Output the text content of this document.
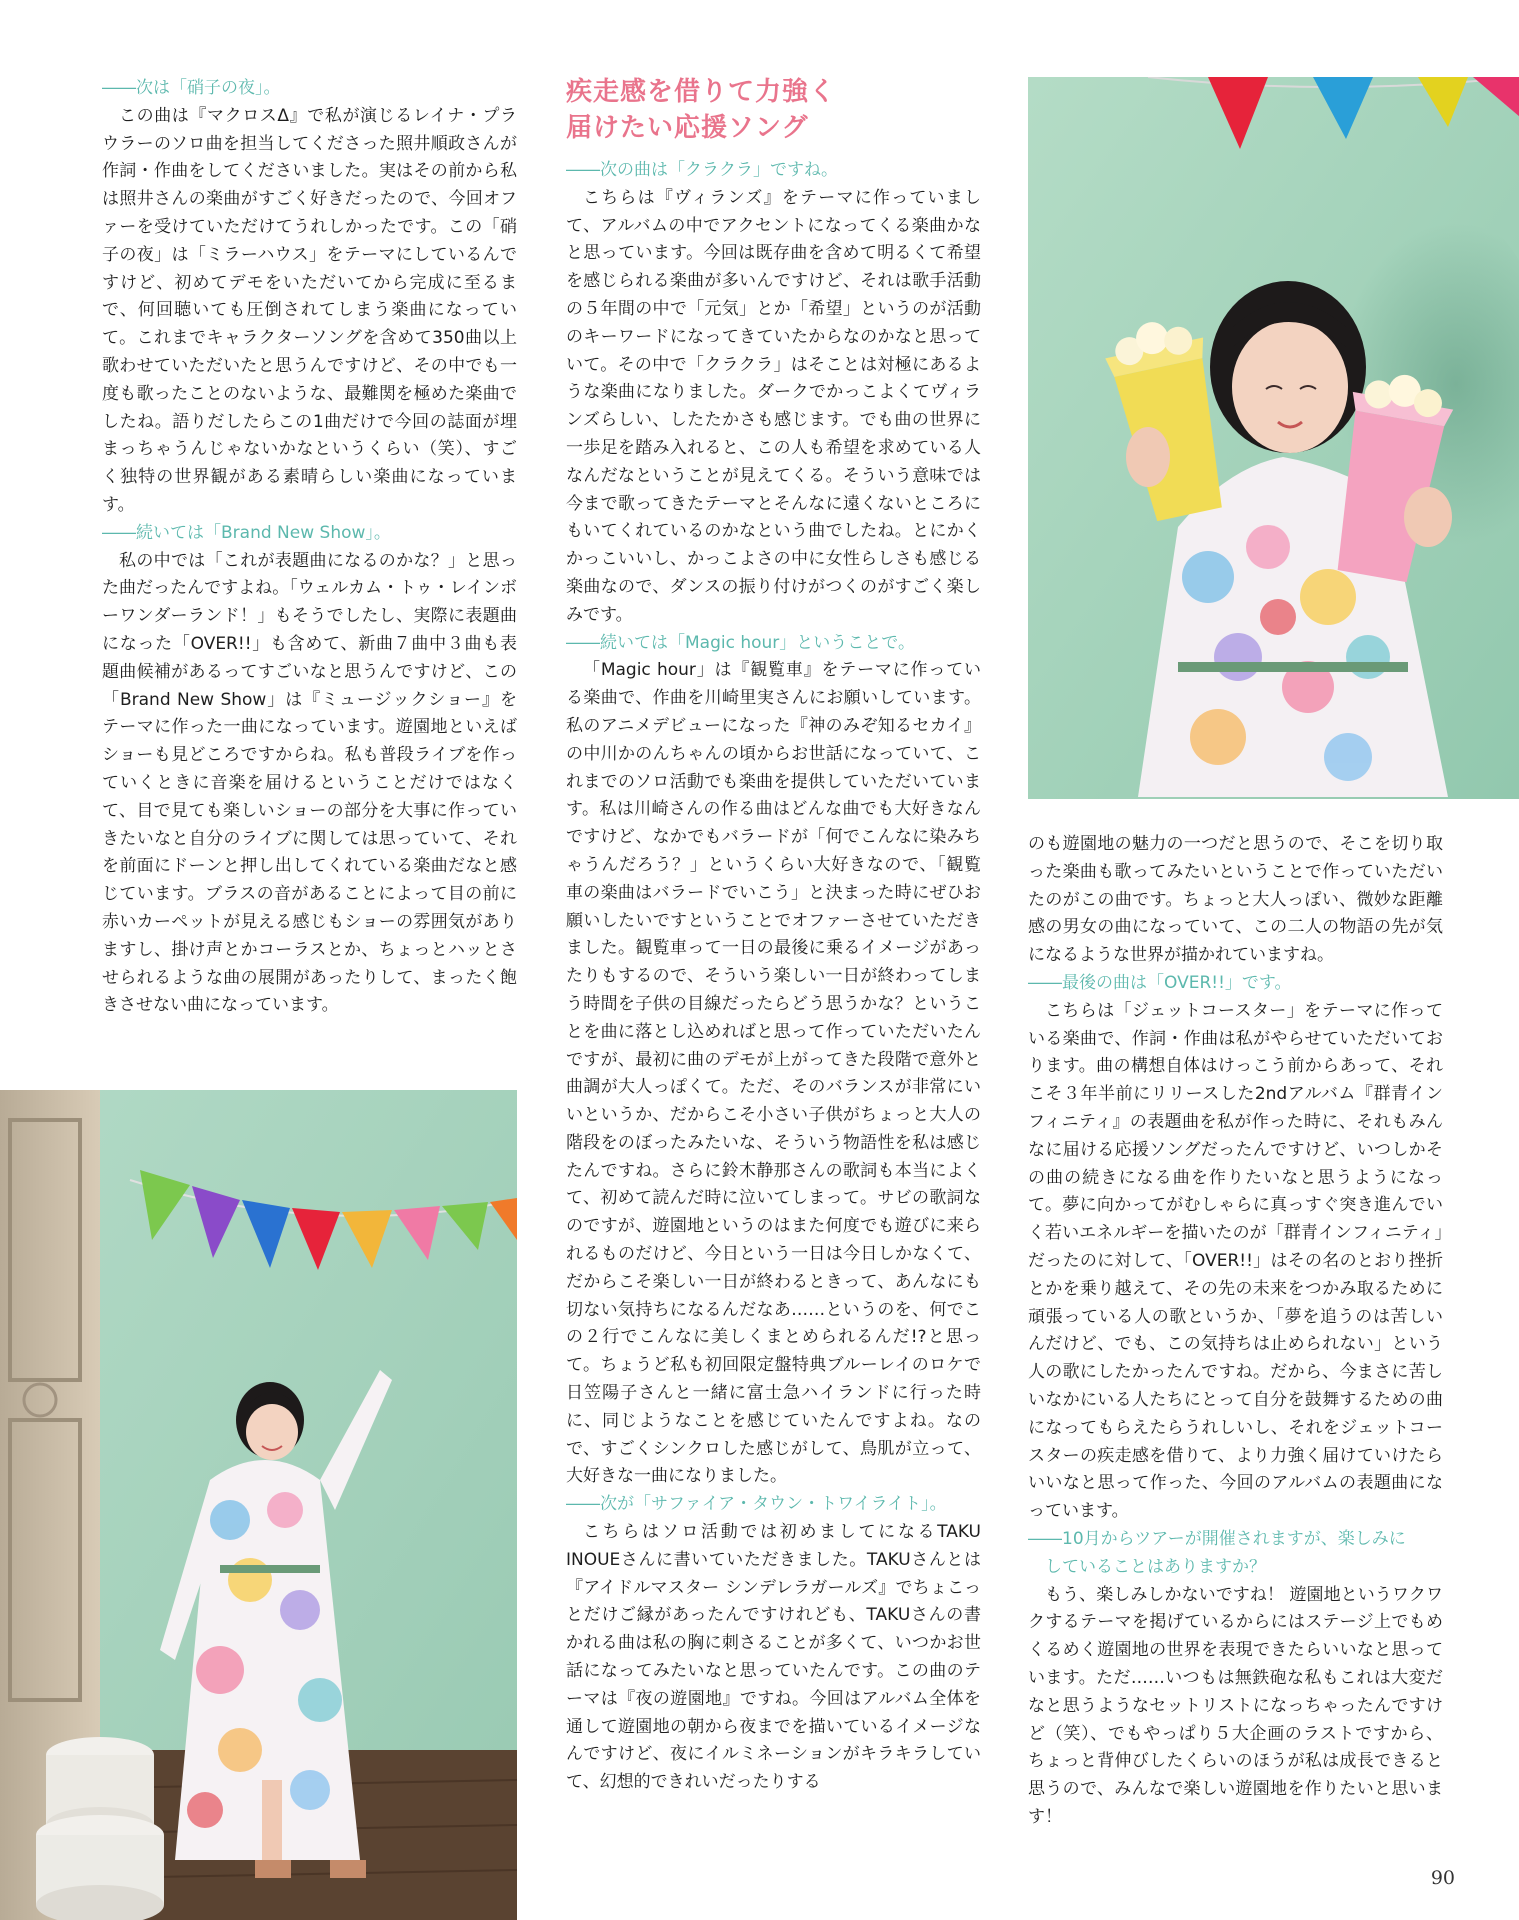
疾走感を借りて力強く
届けたい応援ソング

――次は「硝子の夜」。

この曲は『マクロスΔ』で私が演じるレイナ・プラウラーのソロ曲を担当してくださった照井順政さんが作詞・作曲をしてくださいました。実はその前から私は照井さんの楽曲がすごく好きだったので、今回オファーを受けていただけてうれしかったです。この「硝子の夜」は「ミラーハウス」をテーマにしているんですけど、初めてデモをいただいてから完成に至るまで、何回聴いても圧倒されてしまう楽曲になっていて。これまでキャラクターソングを含めて350曲以上歌わせていただいたと思うんですけど、その中でも一度も歌ったことのないような、最難関を極めた楽曲でしたね。語りだしたらこの1曲だけで今回の誌面が埋まっちゃうんじゃないかなというくらい（笑）、すごく独特の世界観がある素晴らしい楽曲になっています。

――続いては「Brand New Show」。

私の中では「これが表題曲になるのかな？」と思った曲だったんですよね。「ウェルカム・トゥ・レインボーワンダーランド！」もそうでしたし、実際に表題曲になった「OVER!!」も含めて、新曲７曲中３曲も表題曲候補があるってすごいなと思うんですけど、この「Brand New Show」は『ミュージックショー』をテーマに作った一曲になっています。遊園地といえばショーも見どころですからね。私も普段ライブを作っていくときに音楽を届けるということだけではなくて、目で見ても楽しいショーの部分を大事に作っていきたいなと自分のライブに関しては思っていて、それを前面にドーンと押し出してくれている楽曲だなと感じています。ブラスの音があることによって目の前に赤いカーペットが見える感じもショーの雰囲気がありますし、掛け声とかコーラスとか、ちょっとハッとさせられるような曲の展開があったりして、まったく飽きさせない曲になっています。

――次の曲は「クラクラ」ですね。

こちらは『ヴィランズ』をテーマに作っていまして、アルバムの中でアクセントになってくる楽曲かなと思っています。今回は既存曲を含めて明るくて希望を感じられる楽曲が多いんですけど、それは歌手活動の５年間の中で「元気」とか「希望」というのが活動のキーワードになってきていたからなのかなと思っていて。その中で「クラクラ」はそことは対極にあるような楽曲になりました。ダークでかっこよくてヴィランズらしい、したたかさも感じます。でも曲の世界に一歩足を踏み入れると、この人も希望を求めている人なんだなということが見えてくる。そういう意味では今まで歌ってきたテーマとそんなに遠くないところにもいてくれているのかなという曲でしたね。とにかくかっこいいし、かっこよさの中に女性らしさも感じる楽曲なので、ダンスの振り付けがつくのがすごく楽しみです。

――続いては「Magic hour」ということで。

「Magic hour」は『観覧車』をテーマに作っている楽曲で、作曲を川崎里実さんにお願いしています。私のアニメデビューになった『神のみぞ知るセカイ』の中川かのんちゃんの頃からお世話になっていて、これまでのソロ活動でも楽曲を提供していただいています。私は川崎さんの作る曲はどんな曲でも大好きなんですけど、なかでもバラードが「何でこんなに染みちゃうんだろう？」というくらい大好きなので、「観覧車の楽曲はバラードでいこう」と決まった時にぜひお願いしたいですということでオファーさせていただきました。観覧車って一日の最後に乗るイメージがあったりもするので、そういう楽しい一日が終わってしまう時間を子供の目線だったらどう思うかな？ということを曲に落とし込めればと思って作っていただいたんですが、最初に曲のデモが上がってきた段階で意外と曲調が大人っぽくて。ただ、そのバランスが非常にいいというか、だからこそ小さい子供がちょっと大人の階段をのぼったみたいな、そういう物語性を私は感じたんですね。さらに鈴木静那さんの歌詞も本当によくて、初めて読んだ時に泣いてしまって。サビの歌詞なのですが、遊園地というのはまた何度でも遊びに来られるものだけど、今日という一日は今日しかなくて、だからこそ楽しい一日が終わるときって、あんなにも切ない気持ちになるんだなあ……というのを、何でこの２行でこんなに美しくまとめられるんだ!?と思って。ちょうど私も初回限定盤特典ブルーレイのロケで日笠陽子さんと一緒に富士急ハイランドに行った時に、同じようなことを感じていたんですよね。なので、すごくシンクロした感じがして、鳥肌が立って、大好きな一曲になりました。

――次が「サファイア・タウン・トワイライト」。

こちらはソロ活動では初めましてになるTAKU INOUEさんに書いていただきました。TAKUさんとは『アイドルマスター シンデレラガールズ』でちょこっとだけご縁があったんですけれども、TAKUさんの書かれる曲は私の胸に刺さることが多くて、いつかお世話になってみたいなと思っていたんです。この曲のテーマは『夜の遊園地』ですね。今回はアルバム全体を通して遊園地の朝から夜までを描いているイメージなんですけど、夜にイルミネーションがキラキラしていて、幻想的できれいだったりする

のも遊園地の魅力の一つだと思うので、そこを切り取った楽曲も歌ってみたいということで作っていただいたのがこの曲です。ちょっと大人っぽい、微妙な距離感の男女の曲になっていて、この二人の物語の先が気になるような世界が描かれていますね。

――最後の曲は「OVER!!」です。

こちらは「ジェットコースター」をテーマに作っている楽曲で、作詞・作曲は私がやらせていただいております。曲の構想自体はけっこう前からあって、それこそ３年半前にリリースした2ndアルバム『群青インフィニティ』の表題曲を私が作った時に、それもみんなに届ける応援ソングだったんですけど、いつしかその曲の続きになる曲を作りたいなと思うようになって。夢に向かってがむしゃらに真っすぐ突き進んでいく若いエネルギーを描いたのが「群青インフィニティ」だったのに対して、「OVER!!」はその名のとおり挫折とかを乗り越えて、その先の未来をつかみ取るために頑張っている人の歌というか、「夢を追うのは苦しいんだけど、でも、この気持ちは止められない」という人の歌にしたかったんですね。だから、今まさに苦しいなかにいる人たちにとって自分を鼓舞するための曲になってもらえたらうれしいし、それをジェットコースターの疾走感を借りて、より力強く届けていけたらいいなと思って作った、今回のアルバムの表題曲になっています。

――10月からツアーが開催されますが、楽しみに

していることはありますか？

もう、楽しみしかないですね！ 遊園地というワクワクするテーマを掲げているからにはステージ上でもめくるめく遊園地の世界を表現できたらいいなと思っています。ただ……いつもは無鉄砲な私もこれは大変だなと思うようなセットリストになっちゃったんですけど（笑）、でもやっぱり５大企画のラストですから、ちょっと背伸びしたくらいのほうが私は成長できると思うので、みんなで楽しい遊園地を作りたいと思います！

90
